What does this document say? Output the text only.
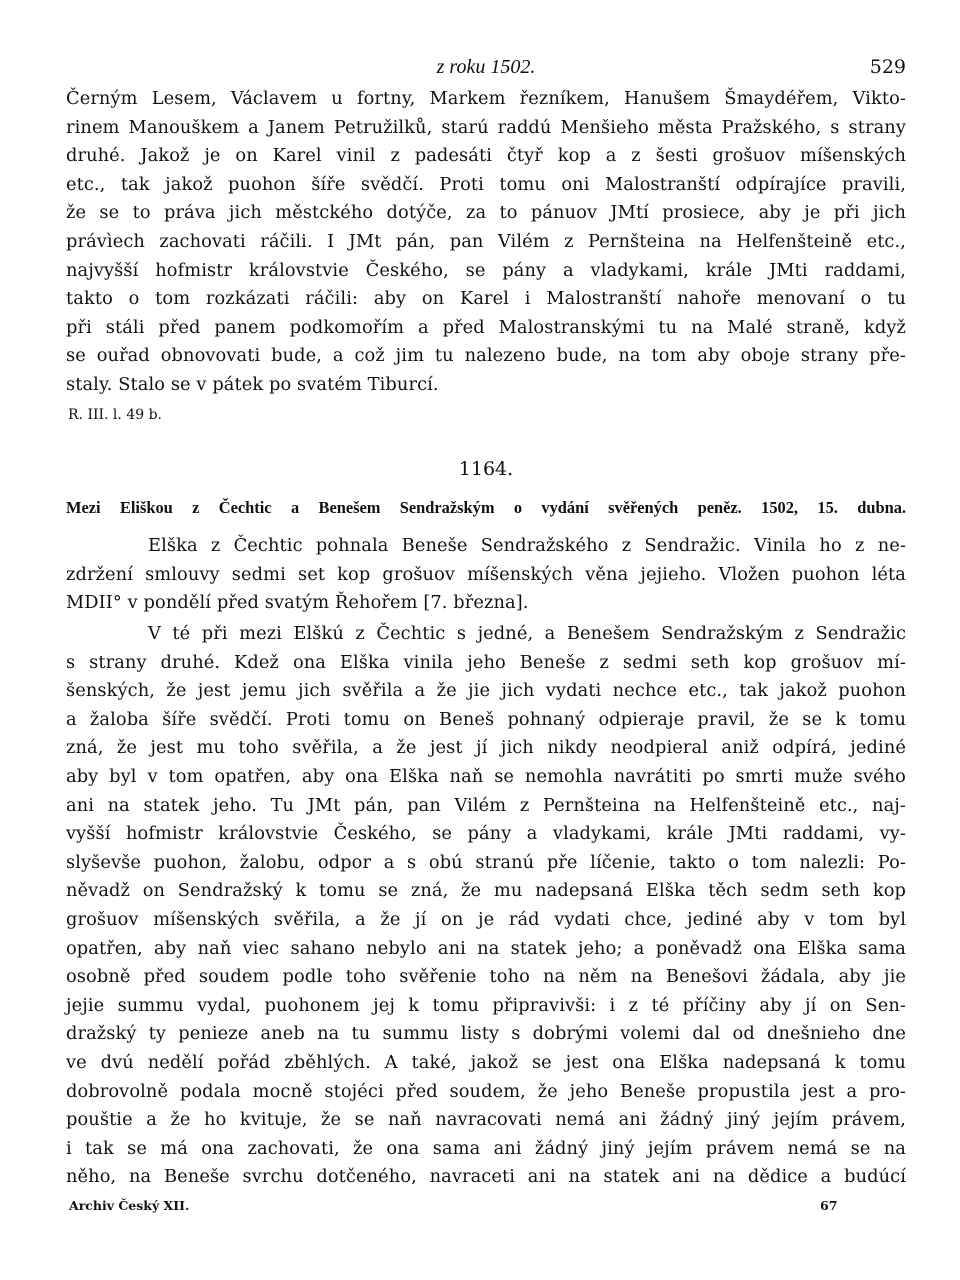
z roku 1502.	529
Černým Lesem, Václavem u fortny, Markem řezníkem, Hanušem Šmaydéřem, Vikto-
rinem Manouškem a Janem Petružilků, starú raddú Menšieho města Pražského, s strany
druhé. Jakož je on Karel vinil z padesáti čtyř kop a z šesti grošuov míšenských
etc., tak jakož puohon šíře svědčí. Proti tomu oni Malostranští odpírajíce pravili,
že se to práva jich městckého dotýče, za to pánuov JMtí prosiece, aby je při jich
právìech zachovati ráčili. I JMt pán, pan Vilém z Pernšteina na Helfenšteině etc.,
najvyšší hofmistr královstvie Českého, se pány a vladykami, krále JMti raddami,
takto o tom rozkázati ráčili: aby on Karel i Malostranští nahoře menovaní o tu
při stáli před panem podkomořím a před Malostranskými tu na Malé straně, když
se ouřad obnovovati bude, a což jim tu nalezeno bude, na tom aby oboje strany pře-
staly. Stalo se v pátek po svatém Tiburcí.
R. III. l. 49 b.
1164.
Mezi Eliškou z Čechtic a Benešem Sendražským o vydání svěřených peněz. 1502, 15. dubna.
Elška z Čechtic pohnala Beneše Sendražského z Sendražic. Vinila ho z ne-
zdržení smlouvy sedmi set kop grošuov míšenských věna jejieho. Vložen puohon léta
MDII° v pondělí před svatým Řehořem [7. března].
V té při mezi Elškú z Čechtic s jedné, a Benešem Sendražským z Sendražic
s strany druhé. Kdež ona Elška vinila jeho Beneše z sedmi seth kop grošuov mí-
šenských, že jest jemu jich svěřila a že jie jich vydati nechce etc., tak jakož puohon
a žaloba šíře svědčí. Proti tomu on Beneš pohnaný odpieraje pravil, že se k tomu
zná, že jest mu toho svěřila, a že jest jí jich nikdy neodpieral aniž odpírá, jediné
aby byl v tom opatřen, aby ona Elška naň se nemohla navrátiti po smrti muže svého
ani na statek jeho. Tu JMt pán, pan Vilém z Pernšteina na Helfenšteině etc., naj-
vyšší hofmistr královstvie Českého, se pány a vladykami, krále JMti raddami, vy-
slyševše puohon, žalobu, odpor a s obú stranú pře líčenie, takto o tom nalezli: Po-
něvadž on Sendražský k tomu se zná, že mu nadepsaná Elška těch sedm seth kop
grošuov míšenských svěřila, a že jí on je rád vydati chce, jediné aby v tom byl
opatřen, aby naň viec sahano nebylo ani na statek jeho; a poněvadž ona Elška sama
osobně před soudem podle toho svěřenie toho na něm na Benešovi žádala, aby jie
jejie summu vydal, puohonem jej k tomu připravivši: i z té příčiny aby jí on Sen-
dražský ty penieze aneb na tu summu listy s dobrými volemi dal od dnešnieho dne
ve dvú nedělí pořád zběhlých. A také, jakož se jest ona Elška nadepsaná k tomu
dobrovolně podala mocně stojéci před soudem, že jeho Beneše propustila jest a pro-
pouštie a že ho kvituje, že se naň navracovati nemá ani žádný jiný jejím právem,
i tak se má ona zachovati, že ona sama ani žádný jiný jejím právem nemá se na
něho, na Beneše svrchu dotčeného, navraceti ani na statek ani na dědice a budúcí
Archiv Český XII.	67
